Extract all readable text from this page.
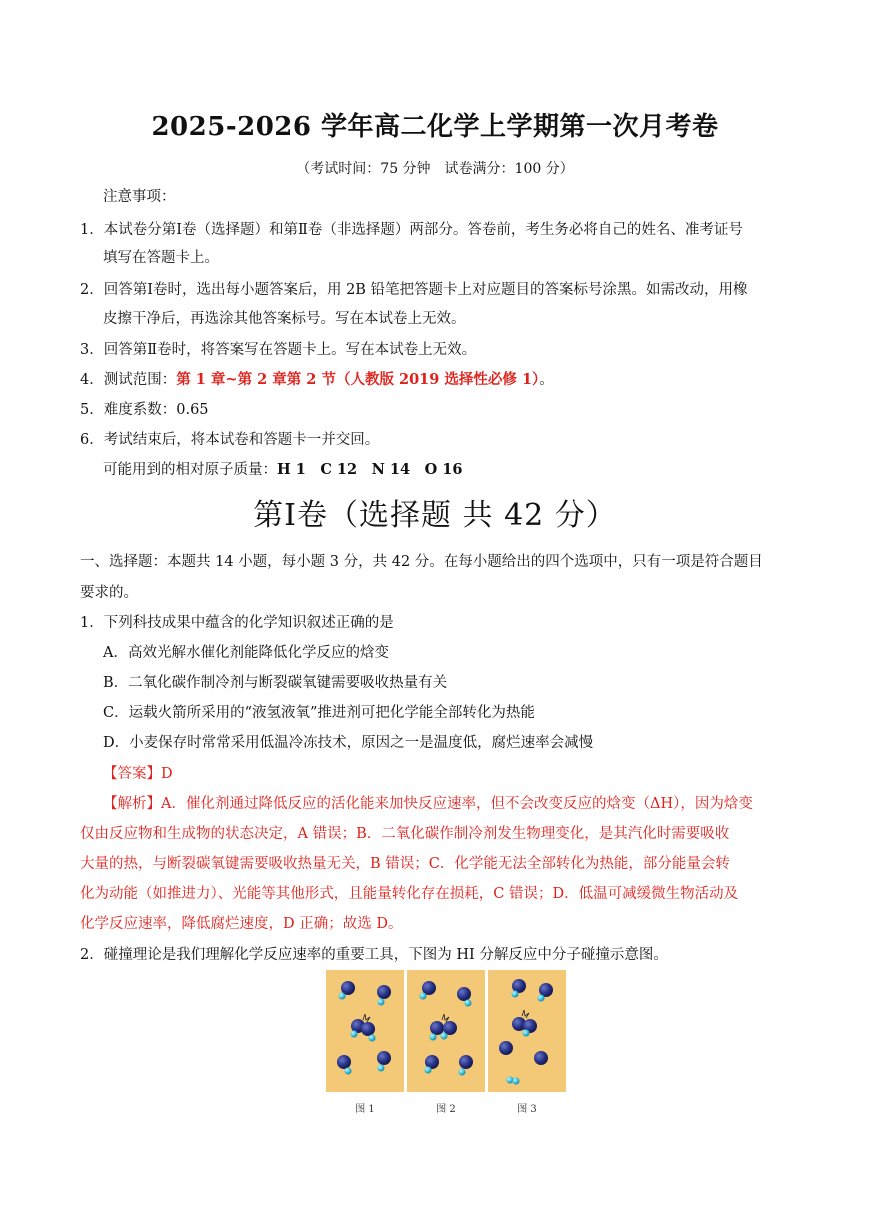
2025-2026 学年高二化学上学期第一次月考卷
（考试时间：75 分钟　试卷满分：100 分）
注意事项：
1．本试卷分第Ⅰ卷（选择题）和第Ⅱ卷（非选择题）两部分。答卷前，考生务必将自己的姓名、准考证号
填写在答题卡上。
2．回答第Ⅰ卷时，选出每小题答案后，用 2B 铅笔把答题卡上对应题目的答案标号涂黑。如需改动，用橡
皮擦干净后，再选涂其他答案标号。写在本试卷上无效。
3．回答第Ⅱ卷时，将答案写在答题卡上。写在本试卷上无效。
4．测试范围：第 1 章~第 2 章第 2 节（人教版 2019 选择性必修 1）。
5．难度系数：0.65
6．考试结束后，将本试卷和答题卡一并交回。
可能用到的相对原子质量：H 1　C 12　N 14　O 16
第Ⅰ卷（选择题 共 42 分）
一、选择题：本题共 14 小题，每小题 3 分，共 42 分。在每小题给出的四个选项中，只有一项是符合题目
要求的。
1．下列科技成果中蕴含的化学知识叙述正确的是
A．高效光解水催化剂能降低化学反应的焓变
B．二氧化碳作制冷剂与断裂碳氧键需要吸收热量有关
C．运载火箭所采用的“液氢液氧”推进剂可把化学能全部转化为热能
D．小麦保存时常常采用低温冷冻技术，原因之一是温度低，腐烂速率会减慢
【答案】D
【解析】A．催化剂通过降低反应的活化能来加快反应速率，但不会改变反应的焓变（ΔH），因为焓变
仅由反应物和生成物的状态决定，A 错误；B．二氧化碳作制冷剂发生物理变化，是其汽化时需要吸收
大量的热，与断裂碳氧键需要吸收热量无关，B 错误；C．化学能无法全部转化为热能，部分能量会转
化为动能（如推进力）、光能等其他形式，且能量转化存在损耗，C 错误；D．低温可减缓微生物活动及
化学反应速率，降低腐烂速度，D 正确；故选 D。
2．碰撞理论是我们理解化学反应速率的重要工具，下图为 HI 分解反应中分子碰撞示意图。
图 1	图 2	图 3
